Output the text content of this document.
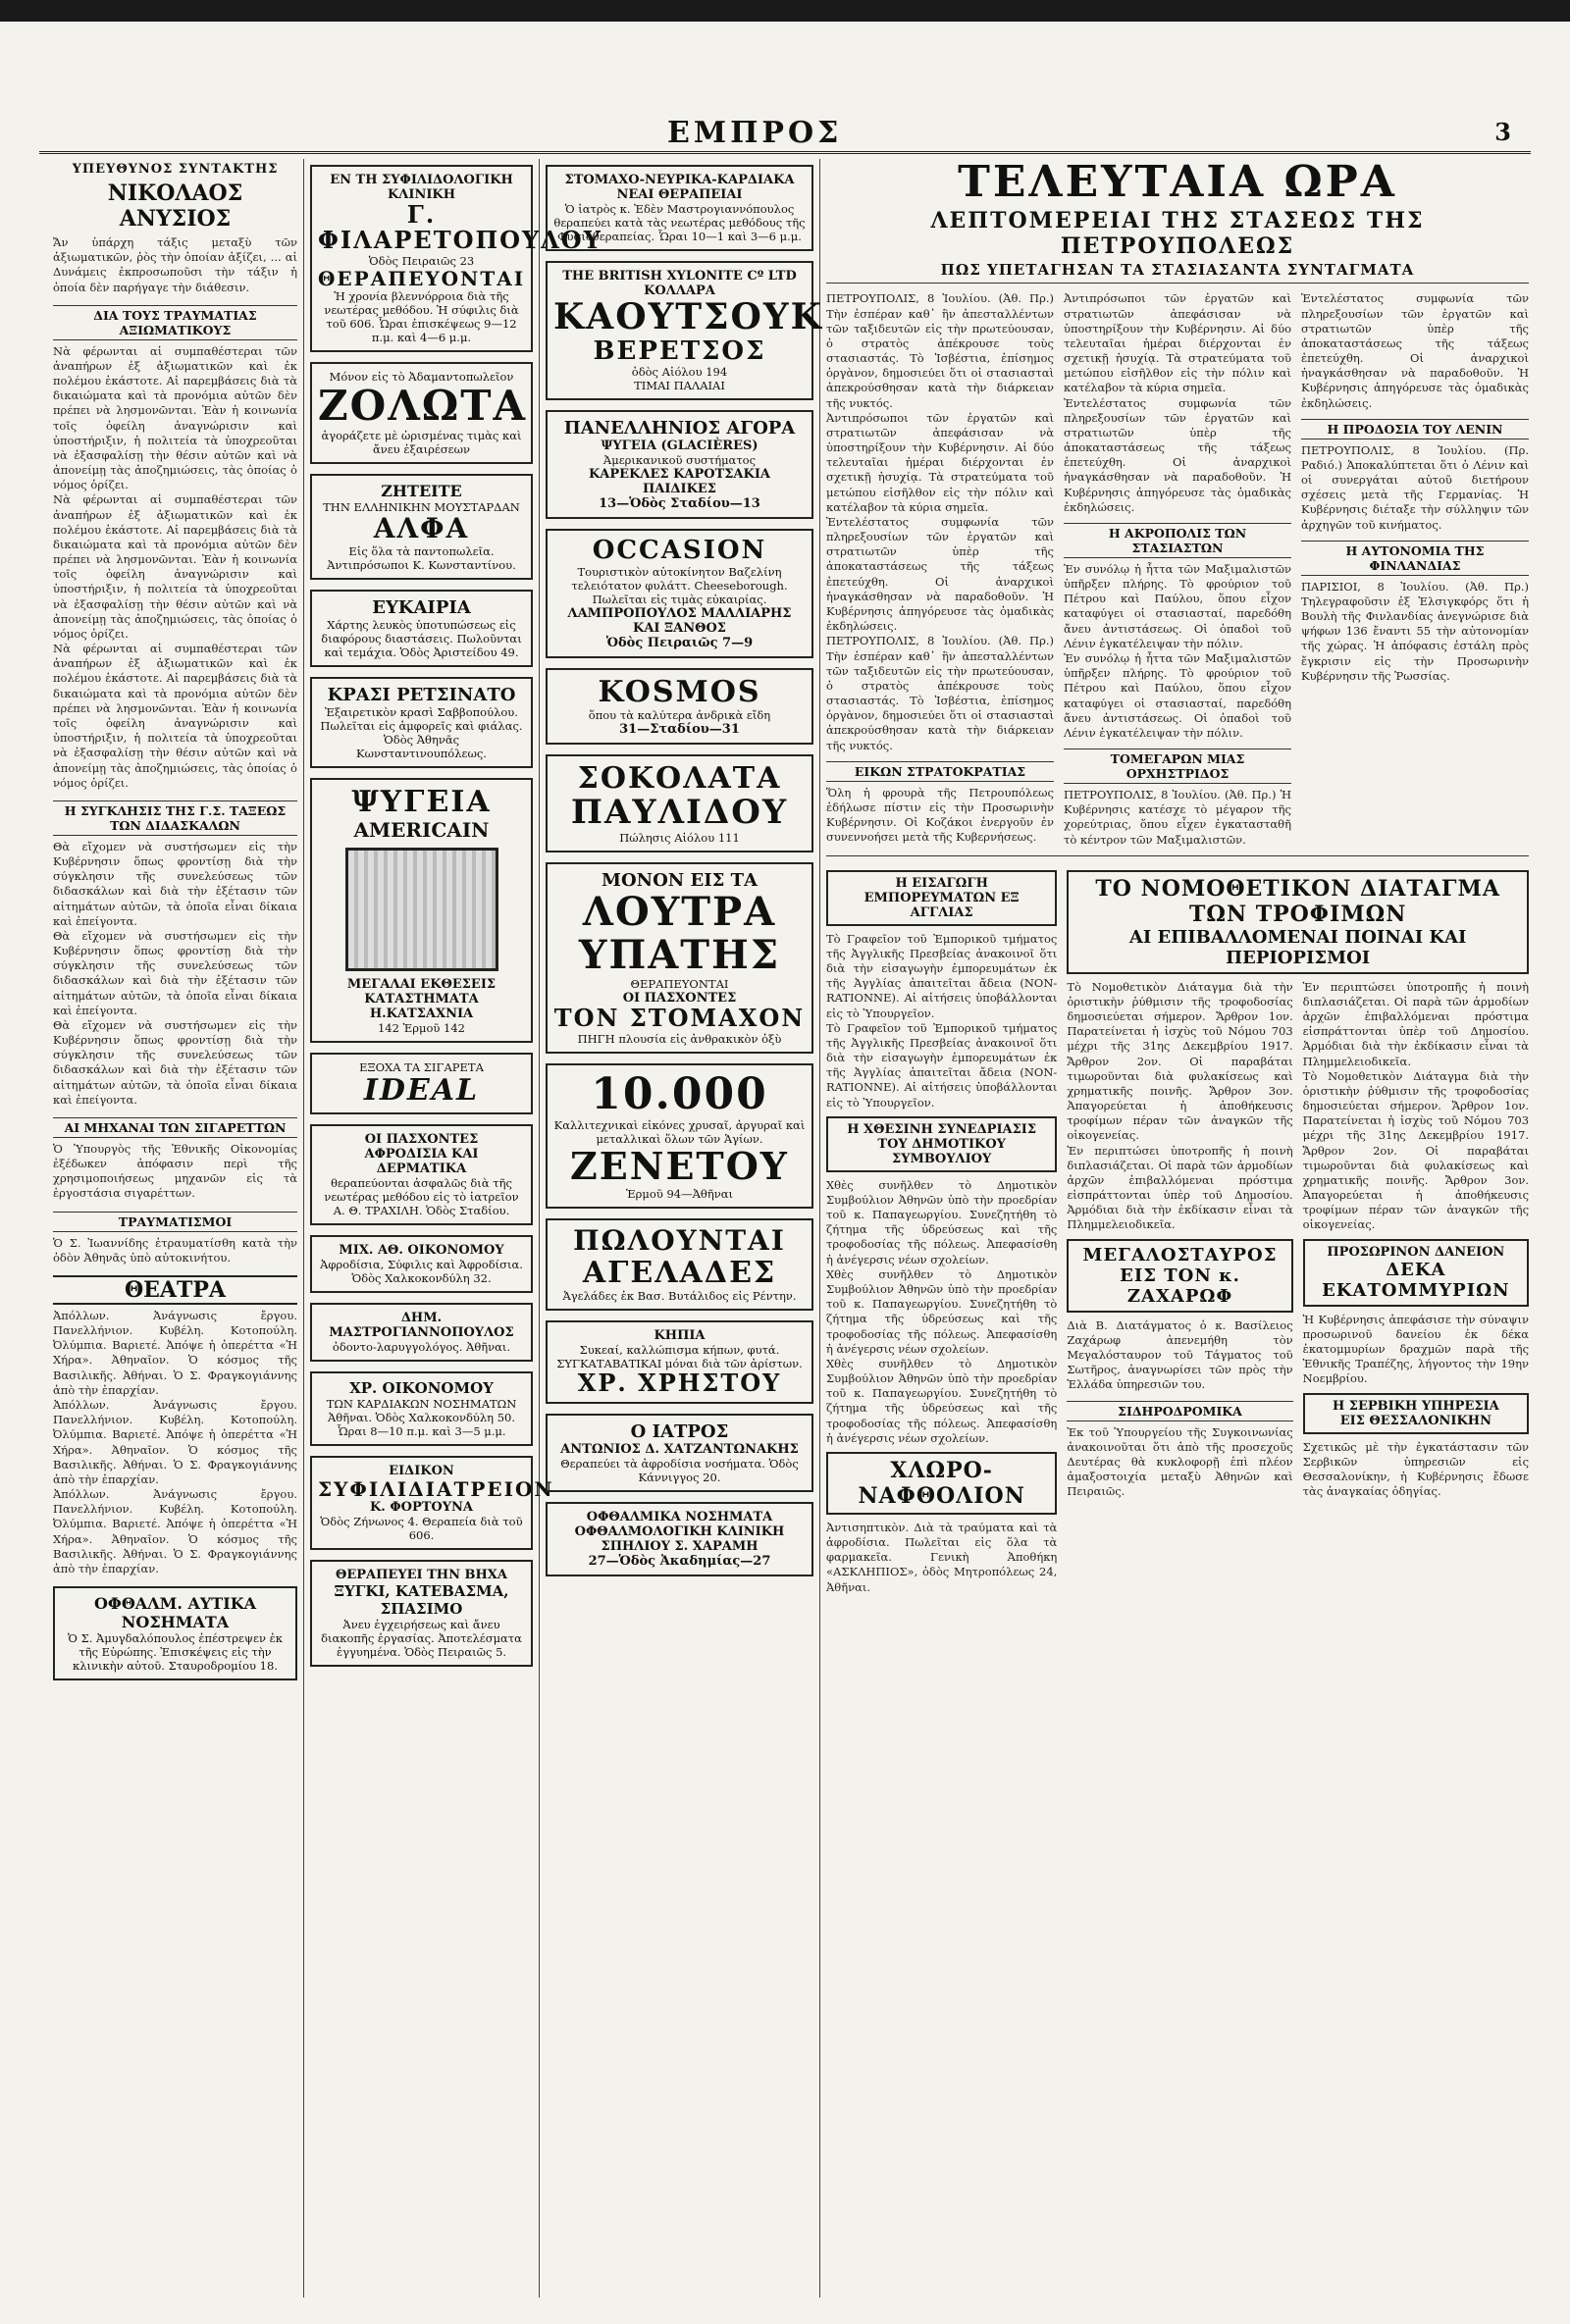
ΕΜΠΡΟΣ	3
ΥΠΕΥΘΥΝΟΣ ΣΥΝΤΑΚΤΗΣ
ΝΙΚΟΛΑΟΣ ΑΝΥΣΙΟΣ

Ἄν ὑπάρχη τάξις μεταξὺ τῶν ἀξιωματικῶν, ῥὸς τὴν ὁποίαν ἀξίζει, ... αἱ Δυνάμεις ἐκπροσωποῦσι τὴν τάξιν ἡ ὁποία δὲν παρήγαγε τὴν διάθεσιν.

ΔΙΑ ΤΟΥΣ ΤΡΑΥΜΑΤΙΑΣ ΑΞΙΩΜΑΤΙΚΟΥΣ

Νὰ φέρωνται αἱ συμπαθέστεραι τῶν ἀναπήρων ἐξ ἀξιωματικῶν καὶ ἐκ πολέμου ἑκάστοτε. Αἱ παρεμβάσεις διὰ τὰ δικαιώματα καὶ τὰ προνόμια αὐτῶν δὲν πρέπει νὰ λησμονῶνται. Ἐὰν ἡ κοινωνία τοῖς ὀφείλη ἀναγνώρισιν καὶ ὑποστήριξιν, ἡ πολιτεία τὰ ὑποχρεοῦται νὰ ἐξασφαλίσῃ τὴν θέσιν αὐτῶν καὶ νὰ ἀπονείμῃ τὰς ἀποζημιώσεις, τὰς ὁποίας ὁ νόμος ὁρίζει.

Νὰ φέρωνται αἱ συμπαθέστεραι τῶν ἀναπήρων ἐξ ἀξιωματικῶν καὶ ἐκ πολέμου ἑκάστοτε. Αἱ παρεμβάσεις διὰ τὰ δικαιώματα καὶ τὰ προνόμια αὐτῶν δὲν πρέπει νὰ λησμονῶνται. Ἐὰν ἡ κοινωνία τοῖς ὀφείλη ἀναγνώρισιν καὶ ὑποστήριξιν, ἡ πολιτεία τὰ ὑποχρεοῦται νὰ ἐξασφαλίσῃ τὴν θέσιν αὐτῶν καὶ νὰ ἀπονείμῃ τὰς ἀποζημιώσεις, τὰς ὁποίας ὁ νόμος ὁρίζει.

Νὰ φέρωνται αἱ συμπαθέστεραι τῶν ἀναπήρων ἐξ ἀξιωματικῶν καὶ ἐκ πολέμου ἑκάστοτε. Αἱ παρεμβάσεις διὰ τὰ δικαιώματα καὶ τὰ προνόμια αὐτῶν δὲν πρέπει νὰ λησμονῶνται. Ἐὰν ἡ κοινωνία τοῖς ὀφείλη ἀναγνώρισιν καὶ ὑποστήριξιν, ἡ πολιτεία τὰ ὑποχρεοῦται νὰ ἐξασφαλίσῃ τὴν θέσιν αὐτῶν καὶ νὰ ἀπονείμῃ τὰς ἀποζημιώσεις, τὰς ὁποίας ὁ νόμος ὁρίζει.

Η ΣΥΓΚΛΗΣΙΣ ΤΗΣ Γ.Σ. ΤΑΞΕΩΣ ΤΩΝ ΔΙΔΑΣΚΑΛΩΝ

Θὰ εἴχομεν νὰ συστήσωμεν εἰς τὴν Κυβέρνησιν ὅπως φροντίσῃ διὰ τὴν σύγκλησιν τῆς συνελεύσεως τῶν διδασκάλων καὶ διὰ τὴν ἐξέτασιν τῶν αἰτημάτων αὐτῶν, τὰ ὁποῖα εἶναι δίκαια καὶ ἐπείγοντα.

Θὰ εἴχομεν νὰ συστήσωμεν εἰς τὴν Κυβέρνησιν ὅπως φροντίσῃ διὰ τὴν σύγκλησιν τῆς συνελεύσεως τῶν διδασκάλων καὶ διὰ τὴν ἐξέτασιν τῶν αἰτημάτων αὐτῶν, τὰ ὁποῖα εἶναι δίκαια καὶ ἐπείγοντα.

Θὰ εἴχομεν νὰ συστήσωμεν εἰς τὴν Κυβέρνησιν ὅπως φροντίσῃ διὰ τὴν σύγκλησιν τῆς συνελεύσεως τῶν διδασκάλων καὶ διὰ τὴν ἐξέτασιν τῶν αἰτημάτων αὐτῶν, τὰ ὁποῖα εἶναι δίκαια καὶ ἐπείγοντα.

ΑΙ ΜΗΧΑΝΑΙ ΤΩΝ ΣΙΓΑΡΕΤΤΩΝ

Ὁ Ὑπουργὸς τῆς Ἐθνικῆς Οἰκονομίας ἐξέδωκεν ἀπόφασιν περὶ τῆς χρησιμοποιήσεως μηχανῶν εἰς τὰ ἐργοστάσια σιγαρέττων.

ΤΡΑΥΜΑΤΙΣΜΟΙ

Ὁ Σ. Ἰωαννίδης ἐτραυματίσθη κατὰ τὴν ὁδὸν Ἀθηνᾶς ὑπὸ αὐτοκινήτου.

ΘΕΑΤΡΑ

Ἀπόλλων. Ἀνάγνωσις ἔργου. Πανελλήνιον. Κυβέλη. Κοτοπούλη. Ὀλύμπια. Βαριετέ. Ἀπόψε ἡ ὀπερέττα «Ἡ Χήρα». Ἀθηναῖον. Ὁ κόσμος τῆς Βασιλικῆς. Ἀθήναι. Ὁ Σ. Φραγκογιάννης ἀπὸ τὴν ἐπαρχίαν.

Ἀπόλλων. Ἀνάγνωσις ἔργου. Πανελλήνιον. Κυβέλη. Κοτοπούλη. Ὀλύμπια. Βαριετέ. Ἀπόψε ἡ ὀπερέττα «Ἡ Χήρα». Ἀθηναῖον. Ὁ κόσμος τῆς Βασιλικῆς. Ἀθήναι. Ὁ Σ. Φραγκογιάννης ἀπὸ τὴν ἐπαρχίαν.

Ἀπόλλων. Ἀνάγνωσις ἔργου. Πανελλήνιον. Κυβέλη. Κοτοπούλη. Ὀλύμπια. Βαριετέ. Ἀπόψε ἡ ὀπερέττα «Ἡ Χήρα». Ἀθηναῖον. Ὁ κόσμος τῆς Βασιλικῆς. Ἀθήναι. Ὁ Σ. Φραγκογιάννης ἀπὸ τὴν ἐπαρχίαν.

ΟΦΘΑΛΜ. ΑΥΤΙΚΑ ΝΟΣΗΜΑΤΑ
Ὁ Σ. Ἀμυγδαλόπουλος ἐπέστρεψεν ἐκ τῆς Εὐρώπης. Ἐπισκέψεις εἰς τὴν κλινικὴν αὐτοῦ. Σταυροδρομίου 18.
ΕΝ ΤΗ ΣΥΦΙΛΙΔΟΛΟΓΙΚΗ ΚΛΙΝΙΚΗ
Γ. ΦΙΛΑΡΕΤΟΠΟΥΛΟΥ
Ὁδὸς Πειραιῶς 23
ΘΕΡΑΠΕΥΟΝΤΑΙ
Ἡ χρονία βλεννόρροια διὰ τῆς νεωτέρας μεθόδου. Ἡ σύφιλις διὰ τοῦ 606. Ὧραι ἐπισκέψεως 9—12 π.μ. καὶ 4—6 μ.μ.
Μόνον εἰς τὸ Ἀδαμαντοπωλεῖον
ΖΟΛΩΤΑ
ἀγοράζετε μὲ ὡρισμένας τιμὰς καὶ ἄνευ ἐξαιρέσεων
ΖΗΤΕΙΤΕ
ΤΗΝ ΕΛΛΗΝΙΚΗΝ ΜΟΥΣΤΑΡΔΑΝ
ΑΛΦΑ
Εἰς ὅλα τὰ παντοπωλεῖα. Ἀντιπρόσωποι Κ. Κωνσταντίνου.
ΕΥΚΑΙΡΙΑ
Χάρτης λευκὸς ὑποτυπώσεως εἰς διαφόρους διαστάσεις. Πωλοῦνται καὶ τεμάχια. Ὁδὸς Ἀριστείδου 49.
ΚΡΑΣΙ ΡΕΤΣΙΝΑΤΟ
Ἐξαιρετικὸν κρασὶ Σαββοπούλου. Πωλεῖται εἰς ἀμφορεῖς καὶ φιάλας. Ὁδὸς Ἀθηνᾶς Κωνσταντινουπόλεως.
ΨΥΓΕΙΑ
AMERICAIN
ΜΕΓΑΛΑΙ ΕΚΘΕΣΕΙΣ
ΚΑΤΑΣΤΗΜΑΤΑ Η.ΚΑΤΣΑΧΝΙΑ
142 Ἑρμοῦ 142
ΕΞΟΧΑ ΤΑ ΣΙΓΑΡΕΤΑ
IDEAL
ΟΙ ΠΑΣΧΟΝΤΕΣ
ΑΦΡΟΔΙΣΙΑ ΚΑΙ ΔΕΡΜΑΤΙΚΑ
θεραπεύονται ἀσφαλῶς διὰ τῆς νεωτέρας μεθόδου εἰς τὸ ἰατρεῖον Α. Θ. ΤΡΑΧΙΛΗ. Ὁδὸς Σταδίου.
ΜΙΧ. ΑΘ. ΟΙΚΟΝΟΜΟΥ
Ἀφροδίσια, Σύφιλις καὶ Ἀφροδίσια. Ὁδὸς Χαλκοκονδύλη 32.
ΔΗΜ. ΜΑΣΤΡΟΓΙΑΝΝΟΠΟΥΛΟΣ
ὀδοντο-λαρυγγολόγος. Ἀθῆναι.
ΧΡ. ΟΙΚΟΝΟΜΟΥ
ΤΩΝ ΚΑΡΔΙΑΚΩΝ ΝΟΣΗΜΑΤΩΝ
Ἀθῆναι. Ὁδὸς Χαλκοκονδύλη 50. Ὧραι 8—10 π.μ. καὶ 3—5 μ.μ.
ΕΙΔΙΚΟΝ
ΣΥΦΙΛΙΔΙΑΤΡΕΙΟΝ
Κ. ΦΟΡΤΟΥΝΑ
Ὁδὸς Ζήνωνος 4. Θεραπεία διὰ τοῦ 606.
ΘΕΡΑΠΕΥΕΙ ΤΗΝ ΒΗΧΑ
ΞΥΓΚΙ, ΚΑΤΕΒΑΣΜΑ, ΣΠΑΣΙΜΟ
Ἀνευ ἐγχειρήσεως καὶ ἄνευ διακοπῆς ἐργασίας. Ἀποτελέσματα ἐγγυημένα. Ὁδὸς Πειραιῶς 5.
ΣΤΟΜΑΧΟ-ΝΕΥΡΙΚΑ-ΚΑΡΔΙΑΚΑ
ΝΕΑΙ ΘΕΡΑΠΕΙΑΙ
Ὁ ἰατρὸς κ. Ἐδὲν Μαστρογιαννόπουλος θεραπεύει κατὰ τὰς νεωτέρας μεθόδους τῆς Φυσιοθεραπείας. Ὧραι 10—1 καὶ 3—6 μ.μ.
THE BRITISH XYLONITE Cº LTD
ΚΟΛΛΑΡΑ
ΚΑΟΥΤΣΟΥΚ
ΒΕΡΕΤΣΟΣ
ὁδὸς Αἰόλου 194
ΤΙΜΑΙ ΠΑΛΑΙΑΙ
ΠΑΝΕΛΛΗΝΙΟΣ ΑΓΟΡΑ
ΨΥΓΕΙΑ (GLACIÈRES)
Ἀμερικανικοῦ συστήματος
ΚΑΡΕΚΛΕΣ ΚΑΡΟΤΣΑΚΙΑ ΠΑΙΔΙΚΕΣ
13—Ὁδὸς Σταδίου—13
OCCASION
Τουριστικὸν αὐτοκίνητον Βαζελίνη τελειότατον φυλάττ. Cheeseborough. Πωλεῖται εἰς τιμὰς εὐκαιρίας.
ΛΑΜΠΡΟΠΟΥΛΟΣ ΜΑΛΛΙΑΡΗΣ ΚΑΙ ΞΑΝΘΟΣ
Ὁδὸς Πειραιῶς 7—9
KOSMOS
ὅπου τὰ καλύτερα ἀνδρικὰ εἴδη
31—Σταδίου—31
ΣΟΚΟΛΑΤΑ
ΠΑΥΛΙΔΟΥ
Πώλησις Αἰόλου 111
ΜΟΝΟΝ ΕΙΣ ΤΑ
ΛΟΥΤΡΑ
ΥΠΑΤΗΣ
ΘΕΡΑΠΕΥΟΝΤΑΙ
ΟΙ ΠΑΣΧΟΝΤΕΣ
ΤΟΝ ΣΤΟΜΑΧΟΝ
ΠΗΓΗ πλουσία εἰς ἀνθρακικὸν ὀξὺ
10.000
Καλλιτεχνικαὶ εἰκόνες χρυσαῖ, ἀργυραῖ καὶ μεταλλικαὶ ὅλων τῶν Ἁγίων.
ΖΕΝΕΤΟΥ
Ἑρμοῦ 94—Ἀθῆναι
ΠΩΛΟΥΝΤΑΙ
ΑΓΕΛΑΔΕΣ
Ἀγελάδες ἐκ Βασ. Βυτάλιδος εἰς Ρέντην.
ΚΗΠΙΑ
Συκεαί, καλλώπισμα κήπων, φυτά. ΣΥΓΚΑΤΑΒΑΤΙΚΑΙ μόναι διὰ τῶν ἀρίστων.
ΧΡ. ΧΡΗΣΤΟΥ
Ο ΙΑΤΡΟΣ
ΑΝΤΩΝΙΟΣ Δ. ΧΑΤΖΑΝΤΩΝΑΚΗΣ
Θεραπεύει τὰ ἀφροδίσια νοσήματα. Ὁδὸς Κάννιγγος 20.
ΟΦΘΑΛΜΙΚΑ ΝΟΣΗΜΑΤΑ
ΟΦΘΑΛΜΟΛΟΓΙΚΗ ΚΛΙΝΙΚΗ
ΣΠΗΛΙΟΥ Σ. ΧΑΡΑΜΗ
27—Ὁδὸς Ἀκαδημίας—27
ΤΕΛΕΥΤΑΙΑ ΩΡΑ
ΛΕΠΤΟΜΕΡΕΙΑΙ ΤΗΣ ΣΤΑΣΕΩΣ ΤΗΣ ΠΕΤΡΟΥΠΟΛΕΩΣ
ΠΩΣ ΥΠΕΤΑΓΗΣΑΝ ΤΑ ΣΤΑΣΙΑΣΑΝΤΑ ΣΥΝΤΑΓΜΑΤΑ

ΠΕΤΡΟΥΠΟΛΙΣ, 8 Ἰουλίου. (Ἀθ. Πρ.) Τὴν ἐσπέραν καθ᾽ ἣν ἀπεσταλλέντων τῶν ταξιδευτῶν εἰς τὴν πρωτεύουσαν, ὁ στρατὸς ἀπέκρουσε τοὺς στασιαστάς. Τὸ Ἰσβέστια, ἐπίσημος ὀργὰνον, δημοσιεύει ὅτι οἱ στασιασταὶ ἀπεκρούσθησαν κατὰ τὴν διάρκειαν τῆς νυκτός.

Ἀντιπρόσωποι τῶν ἐργατῶν καὶ στρατιωτῶν ἀπεφάσισαν νὰ ὑποστηρίξουν τὴν Κυβέρνησιν. Αἱ δύο τελευταῖαι ἡμέραι διέρχονται ἐν σχετικῇ ἡσυχίᾳ. Τὰ στρατεύματα τοῦ μετώπου εἰσῆλθον εἰς τὴν πόλιν καὶ κατέλαβον τὰ κύρια σημεῖα.

Ἐντελέστατος συμφωνία τῶν πληρεξουσίων τῶν ἐργατῶν καὶ στρατιωτῶν ὑπὲρ τῆς ἀποκαταστάσεως τῆς τάξεως ἐπετεύχθη. Οἱ ἀναρχικοὶ ἠναγκάσθησαν νὰ παραδοθοῦν. Ἡ Κυβέρνησις ἀπηγόρευσε τὰς ὁμαδικὰς ἐκδηλώσεις.

ΠΕΤΡΟΥΠΟΛΙΣ, 8 Ἰουλίου. (Ἀθ. Πρ.) Τὴν ἐσπέραν καθ᾽ ἣν ἀπεσταλλέντων τῶν ταξιδευτῶν εἰς τὴν πρωτεύουσαν, ὁ στρατὸς ἀπέκρουσε τοὺς στασιαστάς. Τὸ Ἰσβέστια, ἐπίσημος ὀργὰνον, δημοσιεύει ὅτι οἱ στασιασταὶ ἀπεκρούσθησαν κατὰ τὴν διάρκειαν τῆς νυκτός.

ΕΙΚΩΝ ΣΤΡΑΤΟΚΡΑΤΙΑΣ

Ὅλη ἡ φρουρὰ τῆς Πετρουπόλεως ἐδήλωσε πίστιν εἰς τὴν Προσωρινὴν Κυβέρνησιν. Οἱ Κοζάκοι ἐνεργοῦν ἐν συνεννοήσει μετὰ τῆς Κυβερνήσεως.

Ἀντιπρόσωποι τῶν ἐργατῶν καὶ στρατιωτῶν ἀπεφάσισαν νὰ ὑποστηρίξουν τὴν Κυβέρνησιν. Αἱ δύο τελευταῖαι ἡμέραι διέρχονται ἐν σχετικῇ ἡσυχίᾳ. Τὰ στρατεύματα τοῦ μετώπου εἰσῆλθον εἰς τὴν πόλιν καὶ κατέλαβον τὰ κύρια σημεῖα.

Ἐντελέστατος συμφωνία τῶν πληρεξουσίων τῶν ἐργατῶν καὶ στρατιωτῶν ὑπὲρ τῆς ἀποκαταστάσεως τῆς τάξεως ἐπετεύχθη. Οἱ ἀναρχικοὶ ἠναγκάσθησαν νὰ παραδοθοῦν. Ἡ Κυβέρνησις ἀπηγόρευσε τὰς ὁμαδικὰς ἐκδηλώσεις.

Η ΑΚΡΟΠΟΛΙΣ ΤΩΝ ΣΤΑΣΙΑΣΤΩΝ

Ἐν συνόλῳ ἡ ἦττα τῶν Μαξιμαλιστῶν ὑπῆρξεν πλήρης. Τὸ φρούριον τοῦ Πέτρου καὶ Παύλου, ὅπου εἶχον καταφύγει οἱ στασιασταί, παρεδόθη ἄνευ ἀντιστάσεως. Οἱ ὁπαδοὶ τοῦ Λένιν ἐγκατέλειψαν τὴν πόλιν.

Ἐν συνόλῳ ἡ ἦττα τῶν Μαξιμαλιστῶν ὑπῆρξεν πλήρης. Τὸ φρούριον τοῦ Πέτρου καὶ Παύλου, ὅπου εἶχον καταφύγει οἱ στασιασταί, παρεδόθη ἄνευ ἀντιστάσεως. Οἱ ὁπαδοὶ τοῦ Λένιν ἐγκατέλειψαν τὴν πόλιν.

ΤΟΜΕΓΑΡΩΝ ΜΙΑΣ ΟΡΧΗΣΤΡΙΔΟΣ

ΠΕΤΡΟΥΠΟΛΙΣ, 8 Ἰουλίου. (Ἀθ. Πρ.) Ἡ Κυβέρνησις κατέσχε τὸ μέγαρον τῆς χορεύτριας, ὅπου εἶχεν ἐγκατασταθῆ τὸ κέντρον τῶν Μαξιμαλιστῶν.

Ἐντελέστατος συμφωνία τῶν πληρεξουσίων τῶν ἐργατῶν καὶ στρατιωτῶν ὑπὲρ τῆς ἀποκαταστάσεως τῆς τάξεως ἐπετεύχθη. Οἱ ἀναρχικοὶ ἠναγκάσθησαν νὰ παραδοθοῦν. Ἡ Κυβέρνησις ἀπηγόρευσε τὰς ὁμαδικὰς ἐκδηλώσεις.

Η ΠΡΟΔΟΣΙΑ ΤΟΥ ΛΕΝΙΝ

ΠΕΤΡΟΥΠΟΛΙΣ, 8 Ἰουλίου. (Πρ. Ραδιό.) Ἀποκαλύπτεται ὅτι ὁ Λένιν καὶ οἱ συνεργάται αὐτοῦ διετήρουν σχέσεις μετὰ τῆς Γερμανίας. Ἡ Κυβέρνησις διέταξε τὴν σύλληψιν τῶν ἀρχηγῶν τοῦ κινήματος.

Η ΑΥΤΟΝΟΜΙΑ ΤΗΣ ΦΙΝΛΑΝΔΙΑΣ

ΠΑΡΙΣΙΟΙ, 8 Ἰουλίου. (Ἀθ. Πρ.) Τηλεγραφοῦσιν ἐξ Ἑλσιγκφόρς ὅτι ἡ Βουλὴ τῆς Φινλανδίας ἀνεγνώρισε διὰ ψήφων 136 ἔναντι 55 τὴν αὐτονομίαν τῆς χώρας. Ἡ ἀπόφασις ἐστάλη πρὸς ἔγκρισιν εἰς τὴν Προσωρινὴν Κυβέρνησιν τῆς Ῥωσσίας.

Η ΕΙΣΑΓΩΓΗ ΕΜΠΟΡΕΥΜΑΤΩΝ ΕΞ ΑΓΓΛΙΑΣ

Τὸ Γραφεῖον τοῦ Ἐμπορικοῦ τμήματος τῆς Ἀγγλικῆς Πρεσβείας ἀνακοινοῖ ὅτι διὰ τὴν εἰσαγωγὴν ἐμπορευμάτων ἐκ τῆς Ἀγγλίας ἀπαιτεῖται ἄδεια (NON-RATIONNE). Αἱ αἰτήσεις ὑποβάλλονται εἰς τὸ Ὑπουργεῖον.

Τὸ Γραφεῖον τοῦ Ἐμπορικοῦ τμήματος τῆς Ἀγγλικῆς Πρεσβείας ἀνακοινοῖ ὅτι διὰ τὴν εἰσαγωγὴν ἐμπορευμάτων ἐκ τῆς Ἀγγλίας ἀπαιτεῖται ἄδεια (NON-RATIONNE). Αἱ αἰτήσεις ὑποβάλλονται εἰς τὸ Ὑπουργεῖον.

Η ΧΘΕΣΙΝΗ ΣΥΝΕΔΡΙΑΣΙΣ ΤΟΥ ΔΗΜΟΤΙΚΟΥ ΣΥΜΒΟΥΛΙΟΥ

Χθὲς συνῆλθεν τὸ Δημοτικὸν Συμβούλιον Ἀθηνῶν ὑπὸ τὴν προεδρίαν τοῦ κ. Παπαγεωργίου. Συνεζητήθη τὸ ζήτημα τῆς ὑδρεύσεως καὶ τῆς τροφοδοσίας τῆς πόλεως. Ἀπεφασίσθη ἡ ἀνέγερσις νέων σχολείων.

Χθὲς συνῆλθεν τὸ Δημοτικὸν Συμβούλιον Ἀθηνῶν ὑπὸ τὴν προεδρίαν τοῦ κ. Παπαγεωργίου. Συνεζητήθη τὸ ζήτημα τῆς ὑδρεύσεως καὶ τῆς τροφοδοσίας τῆς πόλεως. Ἀπεφασίσθη ἡ ἀνέγερσις νέων σχολείων.

Χθὲς συνῆλθεν τὸ Δημοτικὸν Συμβούλιον Ἀθηνῶν ὑπὸ τὴν προεδρίαν τοῦ κ. Παπαγεωργίου. Συνεζητήθη τὸ ζήτημα τῆς ὑδρεύσεως καὶ τῆς τροφοδοσίας τῆς πόλεως. Ἀπεφασίσθη ἡ ἀνέγερσις νέων σχολείων.

ΧΛΩΡΟ-ΝΑΦΘΟΛΙΟΝ

Ἀντισηπτικὸν. Διὰ τὰ τραύματα καὶ τὰ ἀφροδίσια. Πωλεῖται εἰς ὅλα τὰ φαρμακεῖα. Γενικὴ Ἀποθήκη «ΑΣΚΛΗΠΙΟΣ», ὁδὸς Μητροπόλεως 24, Ἀθῆναι.

ΤΟ ΝΟΜΟΘΕΤΙΚΟΝ ΔΙΑΤΑΓΜΑ ΤΩΝ ΤΡΟΦΙΜΩΝ
ΑΙ ΕΠΙΒΑΛΛΟΜΕΝΑΙ ΠΟΙΝΑΙ ΚΑΙ ΠΕΡΙΟΡΙΣΜΟΙ

Τὸ Νομοθετικὸν Διάταγμα διὰ τὴν ὁριστικὴν ῥύθμισιν τῆς τροφοδοσίας δημοσιεύεται σήμερον. Ἄρθρον 1ον. Παρατείνεται ἡ ἰσχὺς τοῦ Νόμου 703 μέχρι τῆς 31ης Δεκεμβρίου 1917. Ἄρθρον 2ον. Οἱ παραβάται τιμωροῦνται διὰ φυλακίσεως καὶ χρηματικῆς ποινῆς. Ἄρθρον 3ον. Ἀπαγορεύεται ἡ ἀποθήκευσις τροφίμων πέραν τῶν ἀναγκῶν τῆς οἰκογενείας.

Ἐν περιπτώσει ὑποτροπῆς ἡ ποινὴ διπλασιάζεται. Οἱ παρὰ τῶν ἁρμοδίων ἀρχῶν ἐπιβαλλόμεναι πρόστιμα εἰσπράττονται ὑπὲρ τοῦ Δημοσίου. Ἀρμόδιαι διὰ τὴν ἐκδίκασιν εἶναι τὰ Πλημμελειοδικεῖα.

ΜΕΓΑΛΟΣΤΑΥΡΟΣ ΕΙΣ ΤΟΝ κ. ΖΑΧΑΡΩΦ

Διὰ Β. Διατάγματος ὁ κ. Βασίλειος Ζαχάρωφ ἀπενεμήθη τὸν Μεγαλόσταυρον τοῦ Τάγματος τοῦ Σωτῆρος, ἀναγνωρίσει τῶν πρὸς τὴν Ἑλλάδα ὑπηρεσιῶν του.

ΣΙΔΗΡΟΔΡΟΜΙΚΑ

Ἐκ τοῦ Ὑπουργείου τῆς Συγκοινωνίας ἀνακοινοῦται ὅτι ἀπὸ τῆς προσεχοῦς Δευτέρας θὰ κυκλοφορῇ ἐπὶ πλέον ἀμαξοστοιχία μεταξὺ Ἀθηνῶν καὶ Πειραιῶς.

Ἐν περιπτώσει ὑποτροπῆς ἡ ποινὴ διπλασιάζεται. Οἱ παρὰ τῶν ἁρμοδίων ἀρχῶν ἐπιβαλλόμεναι πρόστιμα εἰσπράττονται ὑπὲρ τοῦ Δημοσίου. Ἀρμόδιαι διὰ τὴν ἐκδίκασιν εἶναι τὰ Πλημμελειοδικεῖα.

Τὸ Νομοθετικὸν Διάταγμα διὰ τὴν ὁριστικὴν ῥύθμισιν τῆς τροφοδοσίας δημοσιεύεται σήμερον. Ἄρθρον 1ον. Παρατείνεται ἡ ἰσχὺς τοῦ Νόμου 703 μέχρι τῆς 31ης Δεκεμβρίου 1917. Ἄρθρον 2ον. Οἱ παραβάται τιμωροῦνται διὰ φυλακίσεως καὶ χρηματικῆς ποινῆς. Ἄρθρον 3ον. Ἀπαγορεύεται ἡ ἀποθήκευσις τροφίμων πέραν τῶν ἀναγκῶν τῆς οἰκογενείας.

ΠΡΟΣΩΡΙΝΟΝ ΔΑΝΕΙΟΝ
ΔΕΚΑ ΕΚΑΤΟΜΜΥΡΙΩΝ

Ἡ Κυβέρνησις ἀπεφάσισε τὴν σύναψιν προσωρινοῦ δανείου ἐκ δέκα ἑκατομμυρίων δραχμῶν παρὰ τῆς Ἐθνικῆς Τραπέζης, λήγοντος τὴν 19ην Νοεμβρίου.

Η ΣΕΡΒΙΚΗ ΥΠΗΡΕΣΙΑ
ΕΙΣ ΘΕΣΣΑΛΟΝΙΚΗΝ

Σχετικῶς μὲ τὴν ἐγκατάστασιν τῶν Σερβικῶν ὑπηρεσιῶν εἰς Θεσσαλονίκην, ἡ Κυβέρνησις ἔδωσε τὰς ἀναγκαίας ὁδηγίας.
